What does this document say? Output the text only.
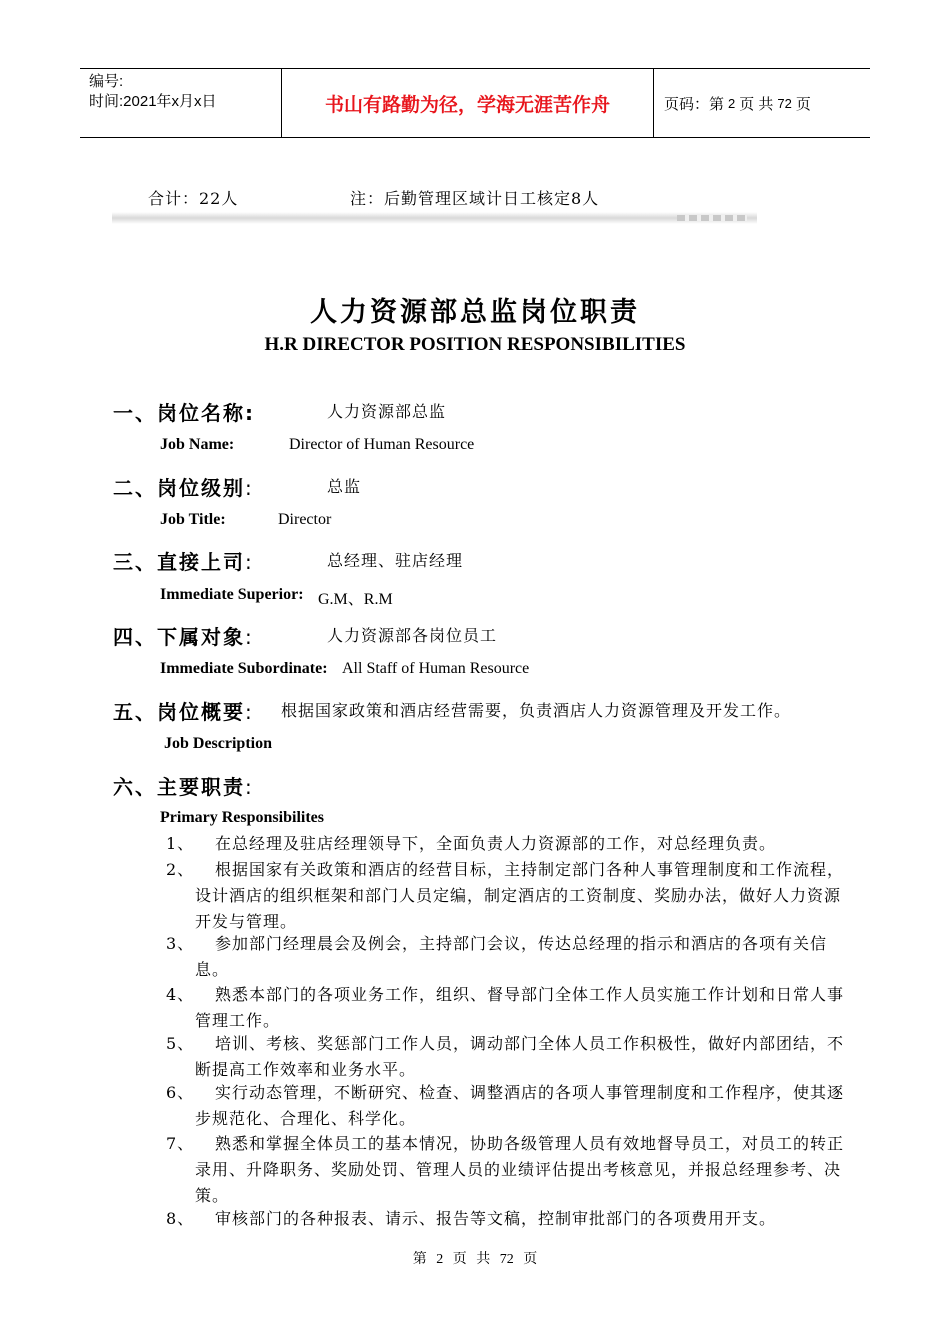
编号:
时间:2021年x月x日	书山有路勤为径，学海无涯苦作舟	页码：第 2 页 共 72 页
合计：22人	注：后勤管理区域计日工核定8人
人力资源部总监岗位职责
H.R DIRECTOR POSITION RESPONSIBILITIES
一、岗位名称:	人力资源部总监
Job Name:	Director of Human Resource
二、岗位级别:	总监
Job Title:	Director
三、直接上司:	总经理、驻店经理
Immediate Superior: G.M、R.M
四、下属对象:	人力资源部各岗位员工
Immediate Subordinate: All Staff of Human Resource
五、岗位概要: 根据国家政策和酒店经营需要，负责酒店人力资源管理及开发工作。
Job Description
六、主要职责:
Primary Responsibilites
1、	在总经理及驻店经理领导下，全面负责人力资源部的工作，对总经理负责。
2、	根据国家有关政策和酒店的经营目标，主持制定部门各种人事管理制度和工作流程，设计酒店的组织框架和部门人员定编，制定酒店的工资制度、奖励办法，做好人力资源开发与管理。
3、	参加部门经理晨会及例会，主持部门会议，传达总经理的指示和酒店的各项有关信息。
4、	熟悉本部门的各项业务工作，组织、督导部门全体工作人员实施工作计划和日常人事管理工作。
5、	培训、考核、奖惩部门工作人员，调动部门全体人员工作积极性，做好内部团结，不断提高工作效率和业务水平。
6、	实行动态管理，不断研究、检查、调整酒店的各项人事管理制度和工作程序，使其逐步规范化、合理化、科学化。
7、	熟悉和掌握全体员工的基本情况，协助各级管理人员有效地督导员工，对员工的转正录用、升降职务、奖励处罚、管理人员的业绩评估提出考核意见，并报总经理参考、决策。
8、	审核部门的各种报表、请示、报告等文稿，控制审批部门的各项费用开支。
第 2 页 共 72 页
